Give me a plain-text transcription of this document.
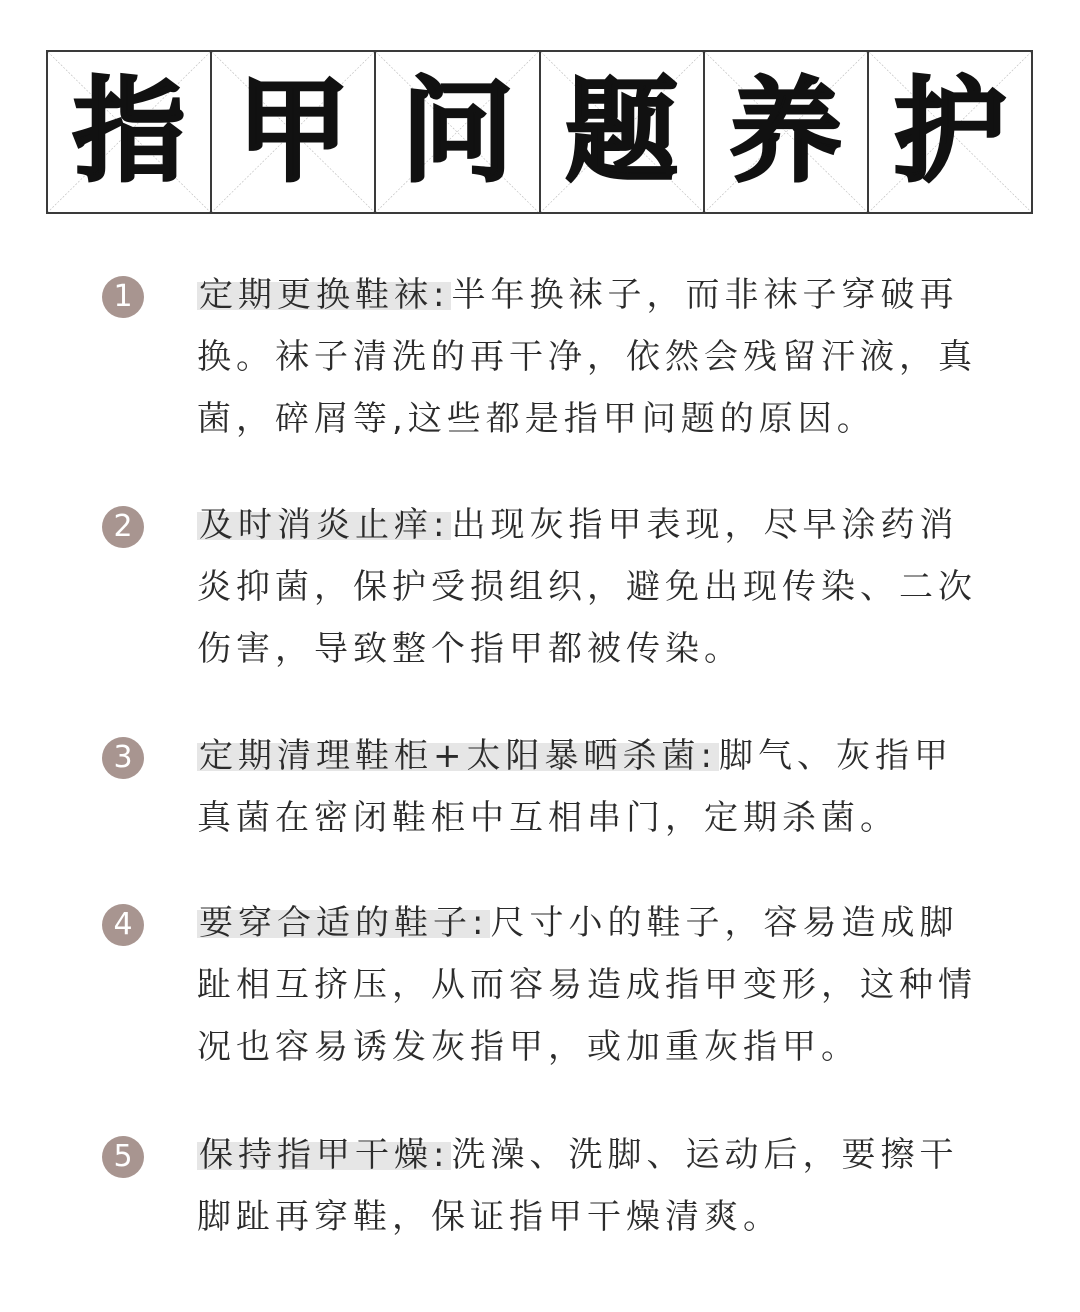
指 甲 问 题 养 护
1	定期更换鞋袜:半年换袜子，而非袜子穿破再换。袜子清洗的再干净，依然会残留汗液，真菌，碎屑等,这些都是指甲问题的原因。

2	及时消炎止痒:出现灰指甲表现，尽早涂药消炎抑菌，保护受损组织，避免出现传染、二次伤害，导致整个指甲都被传染。

3	定期清理鞋柜+太阳暴晒杀菌:脚气、灰指甲真菌在密闭鞋柜中互相串门，定期杀菌。

4	要穿合适的鞋子:尺寸小的鞋子，容易造成脚趾相互挤压，从而容易造成指甲变形，这种情况也容易诱发灰指甲，或加重灰指甲。

5	保持指甲干燥:洗澡、洗脚、运动后，要擦干脚趾再穿鞋，保证指甲干燥清爽。
